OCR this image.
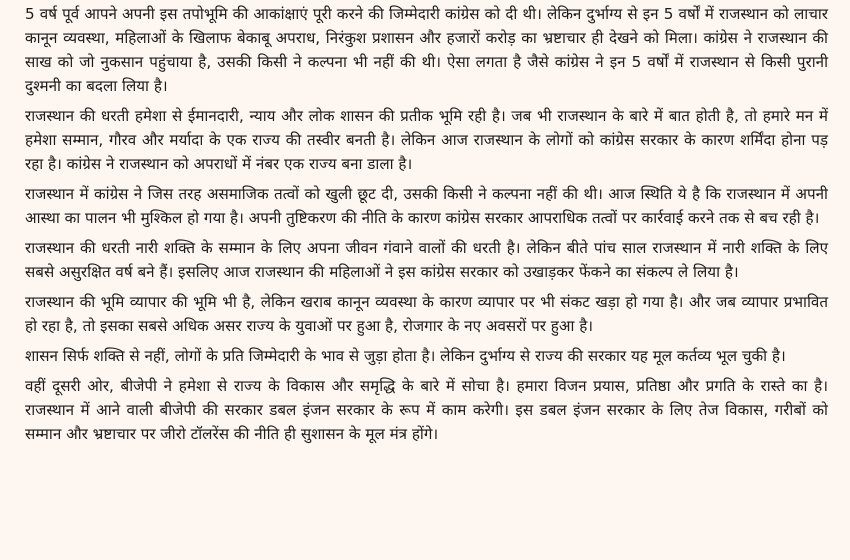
5 वर्ष पूर्व आपने अपनी इस तपोभूमि की आकांक्षाएं पूरी करने की जिम्मेदारी कांग्रेस को दी थी। लेकिन दुर्भाग्य से इन 5 वर्षों में राजस्थान को लाचार कानून व्यवस्था, महिलाओं के खिलाफ बेकाबू अपराध, निरंकुश प्रशासन और हजारों करोड़ का भ्रष्टाचार ही देखने को मिला। कांग्रेस ने राजस्थान की साख को जो नुकसान पहुंचाया है, उसकी किसी ने कल्पना भी नहीं की थी। ऐसा लगता है जैसे कांग्रेस ने इन 5 वर्षों में राजस्थान से किसी पुरानी दुश्मनी का बदला लिया है।

राजस्थान की धरती हमेशा से ईमानदारी, न्याय और लोक शासन की प्रतीक भूमि रही है। जब भी राजस्थान के बारे में बात होती है, तो हमारे मन में हमेशा सम्मान, गौरव और मर्यादा के एक राज्य की तस्वीर बनती है। लेकिन आज राजस्थान के लोगों को कांग्रेस सरकार के कारण शर्मिंदा होना पड़ रहा है। कांग्रेस ने राजस्थान को अपराधों में नंबर एक राज्य बना डाला है।

राजस्थान में कांग्रेस ने जिस तरह असमाजिक तत्वों को खुली छूट दी, उसकी किसी ने कल्पना नहीं की थी। आज स्थिति ये है कि राजस्थान में अपनी आस्था का पालन भी मुश्किल हो गया है। अपनी तुष्टिकरण की नीति के कारण कांग्रेस सरकार आपराधिक तत्वों पर कार्रवाई करने तक से बच रही है।

राजस्थान की धरती नारी शक्ति के सम्मान के लिए अपना जीवन गंवाने वालों की धरती है। लेकिन बीते पांच साल राजस्थान में नारी शक्ति के लिए सबसे असुरक्षित वर्ष बने हैं। इसलिए आज राजस्थान की महिलाओं ने इस कांग्रेस सरकार को उखाड़कर फेंकने का संकल्प ले लिया है।

राजस्थान की भूमि व्यापार की भूमि भी है, लेकिन खराब कानून व्यवस्था के कारण व्यापार पर भी संकट खड़ा हो गया है। और जब व्यापार प्रभावित हो रहा है, तो इसका सबसे अधिक असर राज्य के युवाओं पर हुआ है, रोजगार के नए अवसरों पर हुआ है।

शासन सिर्फ शक्ति से नहीं, लोगों के प्रति जिम्मेदारी के भाव से जुड़ा होता है। लेकिन दुर्भाग्य से राज्य की सरकार यह मूल कर्तव्य भूल चुकी है।

वहीं दूसरी ओर, बीजेपी ने हमेशा से राज्य के विकास और समृद्धि के बारे में सोचा है। हमारा विजन प्रयास, प्रतिष्ठा और प्रगति के रास्ते का है। राजस्थान में आने वाली बीजेपी की सरकार डबल इंजन सरकार के रूप में काम करेगी। इस डबल इंजन सरकार के लिए तेज विकास, गरीबों को सम्मान और भ्रष्टाचार पर जीरो टॉलरेंस की नीति ही सुशासन के मूल मंत्र होंगे।
